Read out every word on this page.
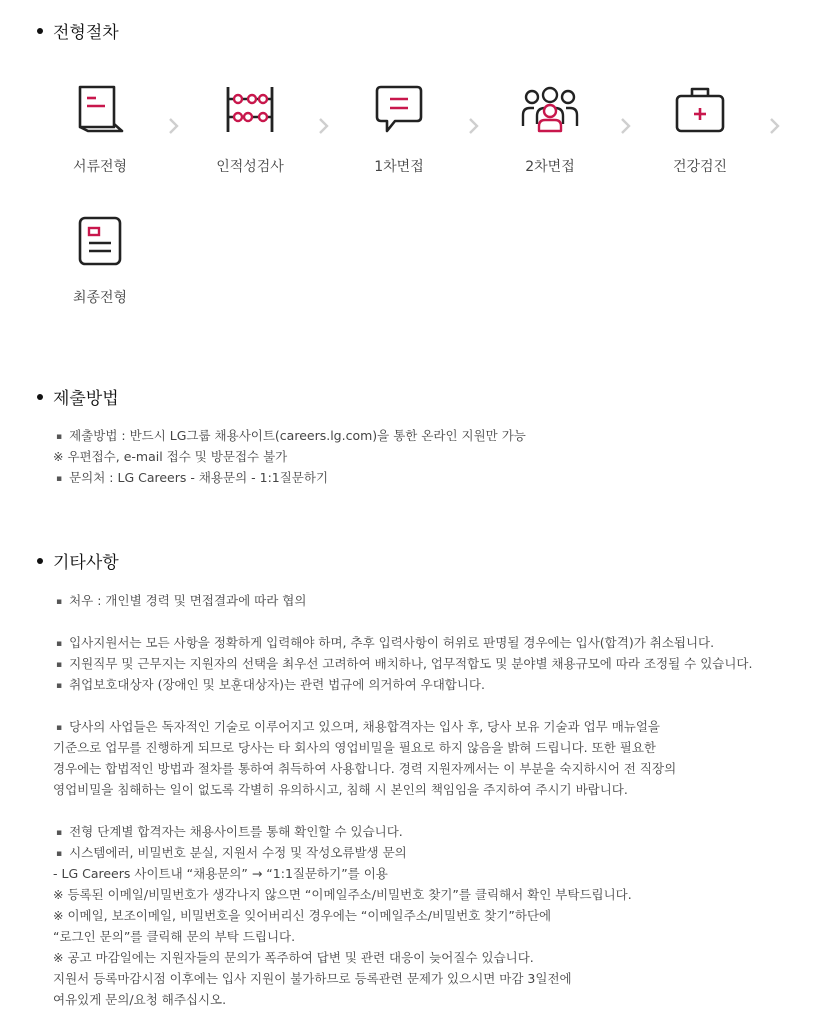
전형절차
서류전형	인적성검사	1차면접	2차면접	건강검진
최종전형
제출방법
▪ 제출방법 : 반드시 LG그룹 채용사이트(careers.lg.com)을 통한 온라인 지원만 가능
※ 우편접수, e-mail 접수 및 방문접수 불가
▪ 문의처 : LG Careers - 채용문의 - 1:1질문하기
기타사항
▪ 처우 : 개인별 경력 및 면접결과에 따라 협의
▪ 입사지원서는 모든 사항을 정확하게 입력해야 하며, 추후 입력사항이 허위로 판명될 경우에는 입사(합격)가 취소됩니다.
▪ 지원직무 및 근무지는 지원자의 선택을 최우선 고려하여 배치하나, 업무적합도 및 분야별 채용규모에 따라 조정될 수 있습니다.
▪ 취업보호대상자 (장애인 및 보훈대상자)는 관련 법규에 의거하여 우대합니다.
▪ 당사의 사업들은 독자적인 기술로 이루어지고 있으며, 채용합격자는 입사 후, 당사 보유 기술과 업무 매뉴얼을
기준으로 업무를 진행하게 되므로 당사는 타 회사의 영업비밀을 필요로 하지 않음을 밝혀 드립니다. 또한 필요한
경우에는 합법적인 방법과 절차를 통하여 취득하여 사용합니다. 경력 지원자께서는 이 부분을 숙지하시어 전 직장의
영업비밀을 침해하는 일이 없도록 각별히 유의하시고, 침해 시 본인의 책임임을 주지하여 주시기 바랍니다.
▪ 전형 단계별 합격자는 채용사이트를 통해 확인할 수 있습니다.
▪ 시스템에러, 비밀번호 분실, 지원서 수정 및 작성오류발생 문의
- LG Careers 사이트내 “채용문의” → “1:1질문하기”를 이용
※ 등록된 이메일/비밀번호가 생각나지 않으면 “이메일주소/비밀번호 찾기”를 클릭해서 확인 부탁드립니다.
※ 이메일, 보조이메일, 비밀번호을 잊어버리신 경우에는 “이메일주소/비밀번호 찾기”하단에
“로그인 문의”를 클릭해 문의 부탁 드립니다.
※ 공고 마감일에는 지원자들의 문의가 폭주하여 답변 및 관련 대응이 늦어질수 있습니다.
지원서 등록마감시점 이후에는 입사 지원이 불가하므로 등록관련 문제가 있으시면 마감 3일전에
여유있게 문의/요청 해주십시오.
